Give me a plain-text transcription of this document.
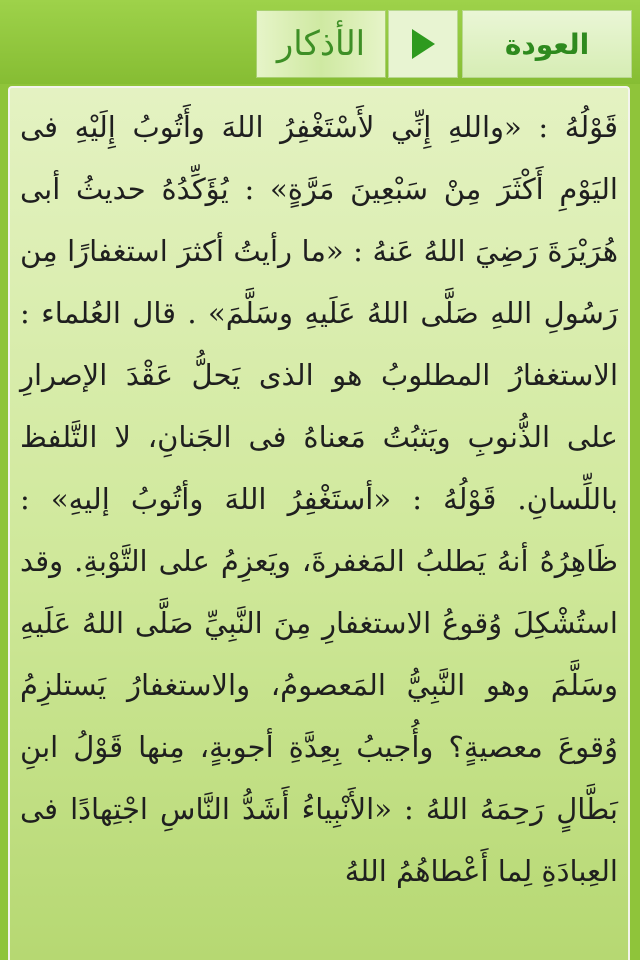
الأذكار	العودة

قَوْلُهُ : «واللهِ إِنِّي لأَسْتَغْفِرُ اللهَ وأَتُوبُ إِلَيْهِ فى اليَوْمِ أَكْثَرَ مِنْ سَبْعِينَ مَرَّةٍ» : يُؤَكِّدُهُ حديثُ أبى هُرَيْرَةَ رَضِيَ اللهُ عَنهُ : «ما رأيتُ أكثرَ استغفارًا مِن رَسُولِ اللهِ صَلَّى اللهُ عَلَيهِ وسَلَّمَ» . قال العُلماء : الاستغفارُ المطلوبُ هو الذى يَحلُّ عَقْدَ الإصرارِ على الذُّنوبِ ويَثبُتُ مَعناهُ فى الجَنانِ، لا التَّلفظ باللِّسانِ. قَوْلُهُ : «أستَغْفِرُ اللهَ وأتُوبُ إليهِ» : ظَاهِرُهُ أنهُ يَطلبُ المَغفرةَ، ويَعزِمُ على التَّوْبةِ. وقد استُشْكِلَ وُقوعُ الاستغفارِ مِنَ النَّبِيِّ صَلَّى اللهُ عَلَيهِ وسَلَّمَ وهو النَّبِيُّ المَعصومُ، والاستغفارُ يَستلزِمُ وُقوعَ معصيةٍ؟ وأُجيبُ بِعِدَّةِ أجوبةٍ، مِنها قَوْلُ ابنِ بَطَّالٍ رَحِمَهُ اللهُ : «الأَنْبِياءُ أَشَدُّ النَّاسِ اجْتِهادًا فى العِبادَةِ لِما أَعْطاهُمُ اللهُ
